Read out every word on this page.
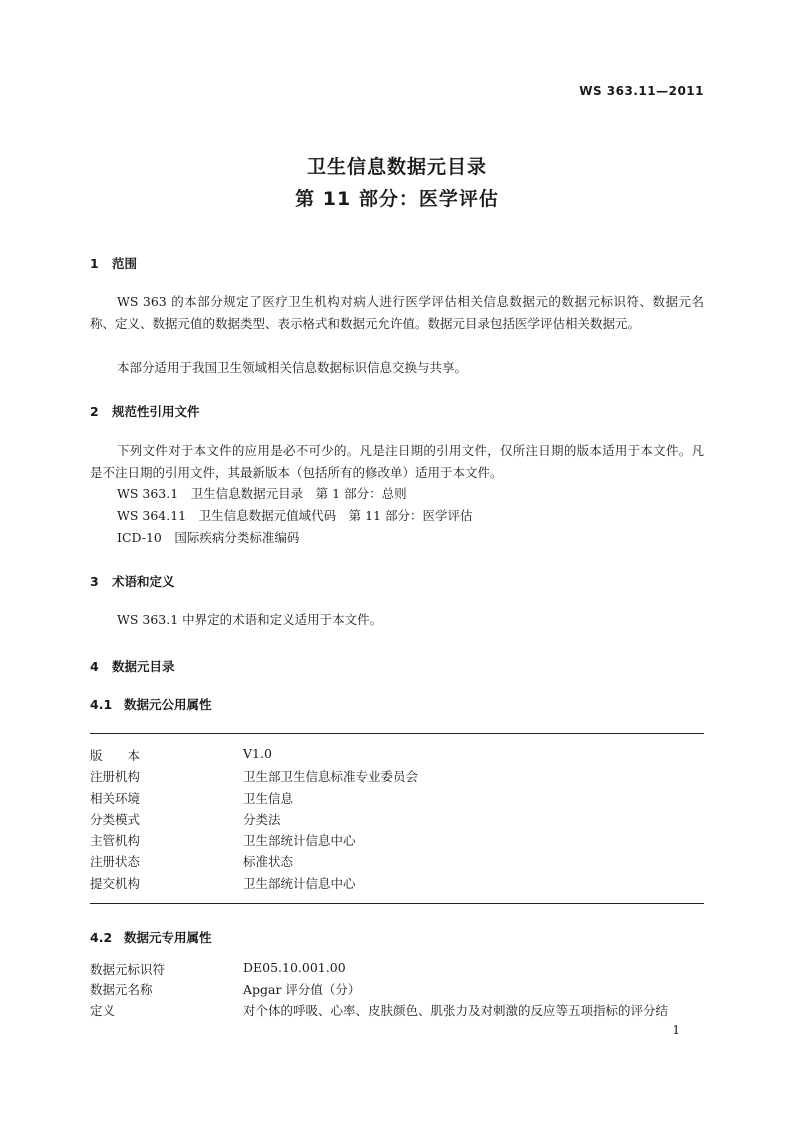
WS 363.11—2011
卫生信息数据元目录
第 11 部分：医学评估
1 范围
WS 363 的本部分规定了医疗卫生机构对病人进行医学评估相关信息数据元的数据元标识符、数据元名称、定义、数据元值的数据类型、表示格式和数据元允许值。数据元目录包括医学评估相关数据元。
本部分适用于我国卫生领域相关信息数据标识信息交换与共享。
2 规范性引用文件
下列文件对于本文件的应用是必不可少的。凡是注日期的引用文件，仅所注日期的版本适用于本文件。凡是不注日期的引用文件，其最新版本（包括所有的修改单）适用于本文件。
WS 363.1　卫生信息数据元目录　第 1 部分：总则
WS 364.11　卫生信息数据元值域代码　第 11 部分：医学评估
ICD-10　国际疾病分类标准编码
3 术语和定义
WS 363.1 中界定的术语和定义适用于本文件。
4 数据元目录
4.1 数据元公用属性
版　　本	V1.0
注册机构	卫生部卫生信息标准专业委员会
相关环境	卫生信息
分类模式	分类法
主管机构	卫生部统计信息中心
注册状态	标准状态
提交机构	卫生部统计信息中心
4.2 数据元专用属性
数据元标识符	DE05.10.001.00
数据元名称	Apgar 评分值（分）
定义	对个体的呼吸、心率、皮肤颜色、肌张力及对刺激的反应等五项指标的评分结
1
